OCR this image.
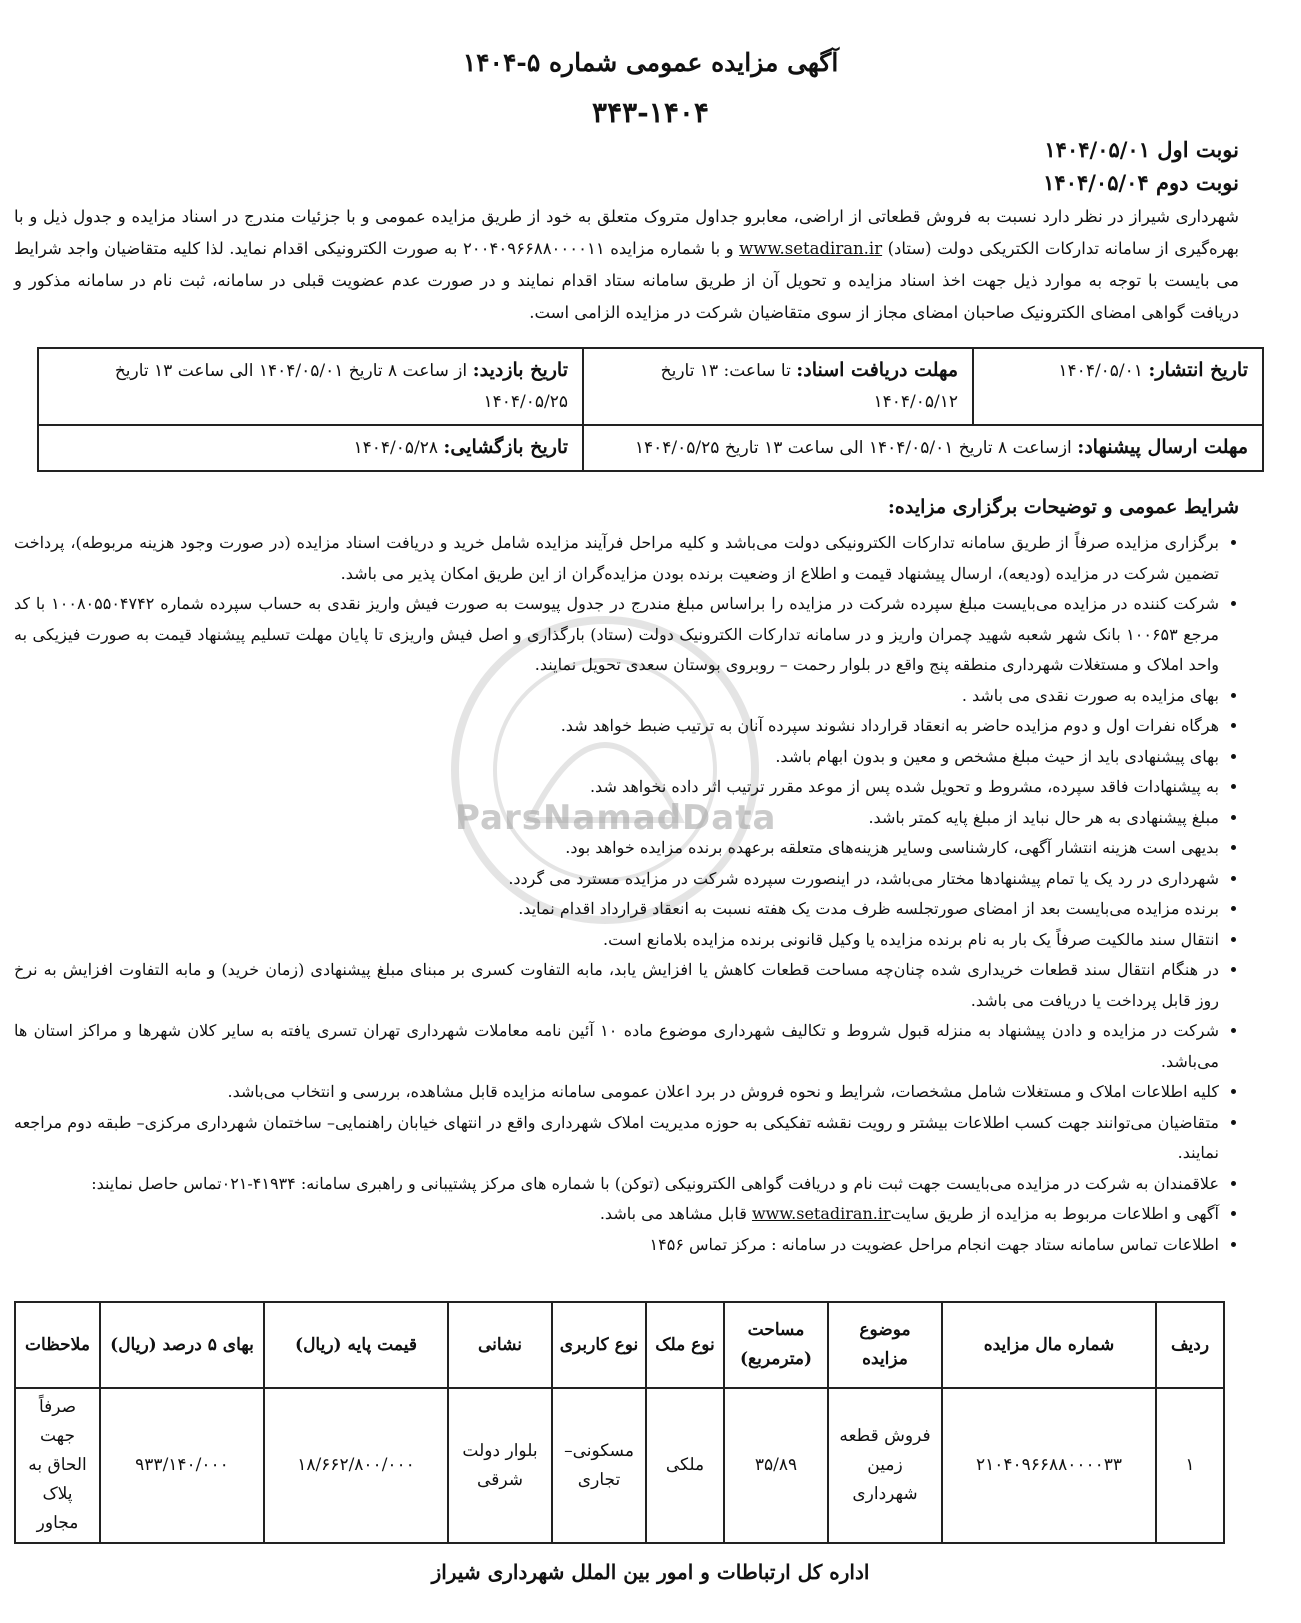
ParsNamadData
آگهی مزایده عمومی شماره ۵-۱۴۰۴
۳۴۳-۱۴۰۴
نوبت اول ۱۴۰۴/۰۵/۰۱
نوبت دوم ۱۴۰۴/۰۵/۰۴
شهرداری شیراز در نظر دارد نسبت به فروش قطعاتی از اراضی، معابرو جداول متروک متعلق به خود از طریق مزایده عمومی و با جزئیات مندرج در اسناد مزایده و جدول ذیل و با بهره‌گیری از سامانه تدارکات الکتریکی دولت (ستاد) www.setadiran.ir و با شماره مزایده ۲۰۰۴۰۹۶۶۸۸۰۰۰۰۱۱ به صورت الکترونیکی اقدام نماید. لذا کلیه متقاضیان واجد شرایط می بایست با توجه به موارد ذیل جهت اخذ اسناد مزایده و تحویل آن از طریق سامانه ستاد اقدام نمایند و در صورت عدم عضویت قبلی در سامانه، ثبت نام در سامانه مذکور و دریافت گواهی امضای الکترونیک صاحبان امضای مجاز از سوی متقاضیان شرکت در مزایده الزامی است.
تاریخ انتشار: ۱۴۰۴/۰۵/۰۱	مهلت دریافت اسناد: تا ساعت: ۱۳ تاریخ ۱۴۰۴/۰۵/۱۲	تاریخ بازدید: از ساعت ۸ تاریخ ۱۴۰۴/۰۵/۰۱ الی ساعت ۱۳ تاریخ ۱۴۰۴/۰۵/۲۵
مهلت ارسال پیشنهاد: ازساعت ۸ تاریخ ۱۴۰۴/۰۵/۰۱ الی ساعت ۱۳ تاریخ ۱۴۰۴/۰۵/۲۵		تاریخ بازگشایی: ۱۴۰۴/۰۵/۲۸
شرایط عمومی و توضیحات برگزاری مزایده:
• برگزاری مزایده صرفاً از طریق سامانه تدارکات الکترونیکی دولت می‌باشد و کلیه مراحل فرآیند مزایده شامل خرید و دریافت اسناد مزایده (در صورت وجود هزینه مربوطه)، پرداخت تضمین شرکت در مزایده (ودیعه)، ارسال پیشنهاد قیمت و اطلاع از وضعیت برنده بودن مزایده‌گران از این طریق امکان پذیر می باشد.
• شرکت کننده در مزایده می‌بایست مبلغ سپرده شرکت در مزایده را براساس مبلغ مندرج در جدول پیوست به صورت فیش واریز نقدی به حساب سپرده شماره ۱۰۰۸۰۵۵۰۴۷۴۲ با کد مرجع ۱۰۰۶۵۳ بانک شهر شعبه شهید چمران واریز و در سامانه تدارکات الکترونیک دولت (ستاد) بارگذاری و اصل فیش واریزی تا پایان مهلت تسلیم پیشنهاد قیمت به صورت فیزیکی به واحد املاک و مستغلات شهرداری منطقه پنج واقع در بلوار رحمت – روبروی بوستان سعدی تحویل نمایند.
• بهای مزایده به صورت نقدی می باشد .
• هرگاه نفرات اول و دوم مزایده حاضر به انعقاد قرارداد نشوند سپرده آنان به ترتیب ضبط خواهد شد.
• بهای پیشنهادی باید از حیث مبلغ مشخص و معین و بدون ابهام باشد.
• به پیشنهادات فاقد سپرده، مشروط و تحویل شده پس از موعد مقرر ترتیب اثر داده نخواهد شد.
• مبلغ پیشنهادی به هر حال نباید از مبلغ پایه کمتر باشد.
• بدیهی است هزینه انتشار آگهی، کارشناسی وسایر هزینه‌های متعلقه برعهده برنده مزایده خواهد بود.
• شهرداری در رد یک یا تمام پیشنهادها مختار می‌باشد، در اینصورت سپرده شرکت در مزایده مسترد می گردد.
• برنده مزایده می‌بایست بعد از امضای صورتجلسه ظرف مدت یک هفته نسبت به انعقاد قرارداد اقدام نماید.
• انتقال سند مالکیت صرفاً یک بار به نام برنده مزایده یا وکیل قانونی برنده مزایده بلامانع است.
• در هنگام انتقال سند قطعات خریداری شده چنان‌چه مساحت قطعات کاهش یا افزایش یابد، مابه التفاوت کسری بر مبنای مبلغ پیشنهادی (زمان خرید) و مابه التفاوت افزایش به نرخ روز قابل پرداخت یا دریافت می باشد.
• شرکت در مزایده و دادن پیشنهاد به منزله قبول شروط و تکالیف شهرداری موضوع ماده ۱۰ آئین نامه معاملات شهرداری تهران تسری یافته به سایر کلان شهرها و مراکز استان ها می‌باشد.
• کلیه اطلاعات املاک و مستغلات شامل مشخصات، شرایط و نحوه فروش در برد اعلان عمومی سامانه مزایده قابل مشاهده، بررسی و انتخاب می‌باشد.
• متقاضیان می‌توانند جهت کسب اطلاعات بیشتر و رویت نقشه تفکیکی به حوزه مدیریت املاک شهرداری واقع در انتهای خیابان راهنمایی– ساختمان شهرداری مرکزی– طبقه دوم مراجعه نمایند.
• علاقمندان به شرکت در مزایده می‌بایست جهت ثبت نام و دریافت گواهی الکترونیکی (توکن) با شماره های مرکز پشتیبانی و راهبری سامانه: ۴۱۹۳۴-۰۲۱تماس حاصل نمایند:
• آگهی و اطلاعات مربوط به مزایده از طریق سایتwww.setadiran.ir قابل مشاهد می باشد.
• اطلاعات تماس سامانه ستاد جهت انجام مراحل عضویت در سامانه : مرکز تماس ۱۴۵۶
ردیف	شماره مال مزایده	موضوع مزایده	مساحت (مترمربع)	نوع ملک	نوع کاربری	نشانی	قیمت پایه (ریال)	بهای ۵ درصد (ریال)	ملاحظات
۱	۲۱۰۴۰۹۶۶۸۸۰۰۰۰۳۳	فروش قطعه زمین شهرداری	۳۵/۸۹	ملکی	مسکونی– تجاری	بلوار دولت شرقی	۱۸/۶۶۲/۸۰۰/۰۰۰	۹۳۳/۱۴۰/۰۰۰	صرفاً جهت الحاق به پلاک مجاور
اداره کل ارتباطات و امور بین الملل شهرداری شیراز
